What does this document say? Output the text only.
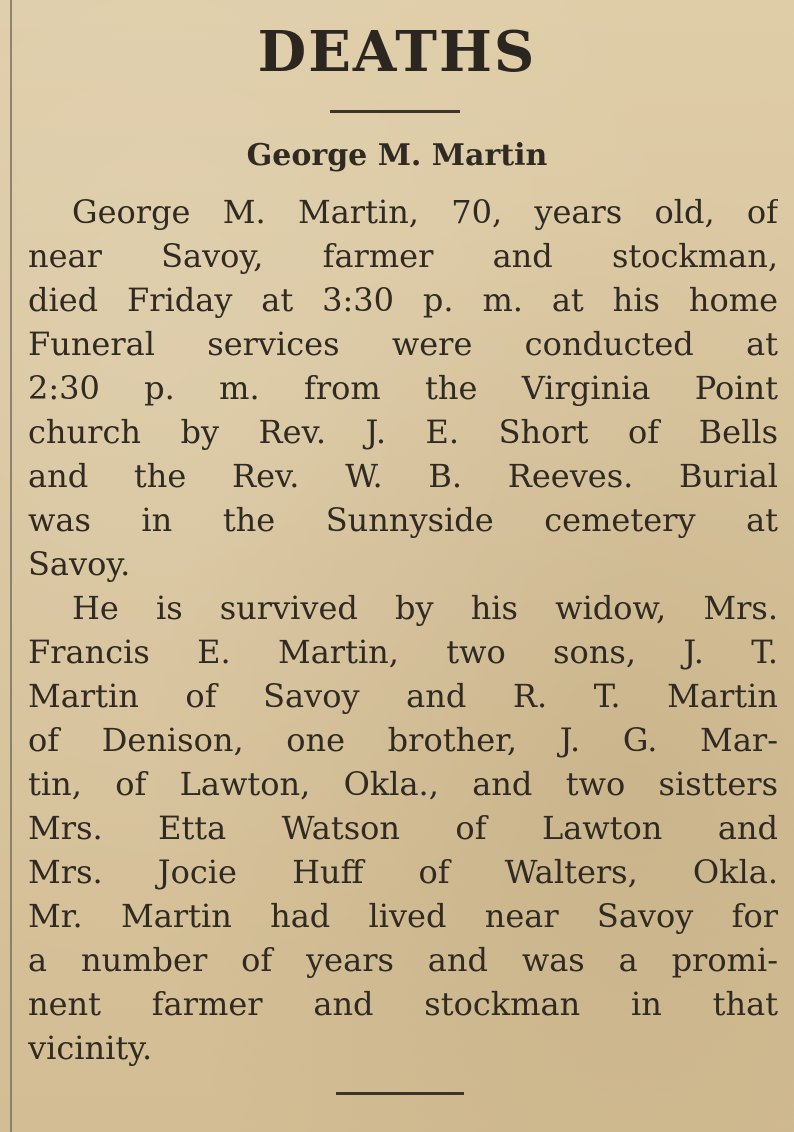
DEATHS
George M. Martin
George M. Martin, 70, years old, of
near Savoy, farmer and stockman,
died Friday at 3:30 p. m. at his home
Funeral services were conducted at
2:30 p. m. from the Virginia Point
church by Rev. J. E. Short of Bells
and the Rev. W. B. Reeves. Burial
was in the Sunnyside cemetery at
Savoy.
He is survived by his widow, Mrs.
Francis E. Martin, two sons, J. T.
Martin of Savoy and R. T. Martin
of Denison, one brother, J. G. Mar-
tin, of Lawton, Okla., and two sistters
Mrs. Etta Watson of Lawton and
Mrs. Jocie Huff of Walters, Okla.
Mr. Martin had lived near Savoy for
a number of years and was a promi-
nent farmer and stockman in that
vicinity.
